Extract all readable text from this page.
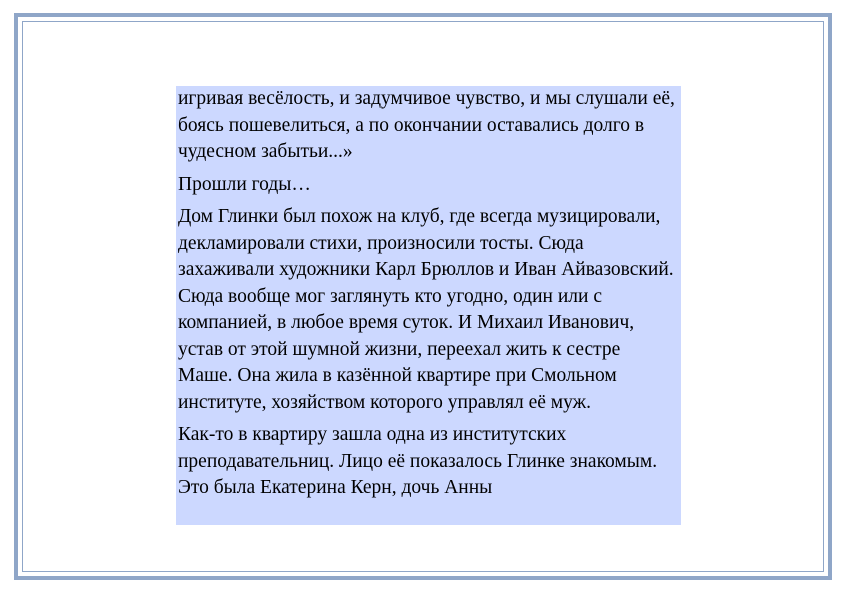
игривая весёлость, и задумчивое чувство, и мы слушали её, боясь пошевелиться, а по окончании оставались долго в чудесном забытьи...»

Прошли годы…

Дом Глинки был похож на клуб, где всегда музицировали, декламировали стихи, произносили тосты. Сюда захаживали художники Карл Брюллов и Иван Айвазовский. Сюда вообще мог заглянуть кто угодно, один или с компанией, в любое время суток. И Михаил Иванович, устав от этой шумной жизни, переехал жить к сестре Маше. Она жила в казённой квартире при Смольном институте, хозяйством которого управлял её муж.

Как-то в квартиру зашла одна из институтских преподавательниц. Лицо её показалось Глинке знакомым. Это была Екатерина Керн, дочь Анны
